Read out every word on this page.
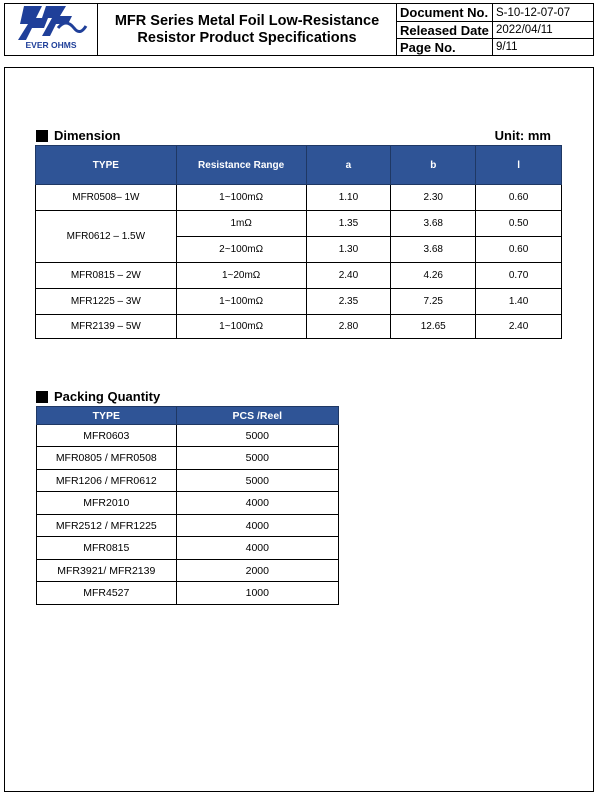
EVER OHMS	MFR Series Metal Foil Low-Resistance
Resistor Product Specifications	Document No.	S-10-12-07-07
		Released Date	2022/04/11
		Page No.	9/11
Dimension	Unit: mm
TYPE	Resistance Range	a	b	l
MFR0508– 1W	1~100mΩ	1.10	2.30	0.60
MFR0612 – 1.5W	1mΩ	1.35	3.68	0.50
	2~100mΩ	1.30	3.68	0.60
MFR0815 – 2W	1~20mΩ	2.40	4.26	0.70
MFR1225 – 3W	1~100mΩ	2.35	7.25	1.40
MFR2139 – 5W	1~100mΩ	2.80	12.65	2.40
Packing Quantity
TYPE	PCS /Reel
MFR0603	5000
MFR0805 / MFR0508	5000
MFR1206 / MFR0612	5000
MFR2010	4000
MFR2512 / MFR1225	4000
MFR0815	4000
MFR3921/ MFR2139	2000
MFR4527	1000
